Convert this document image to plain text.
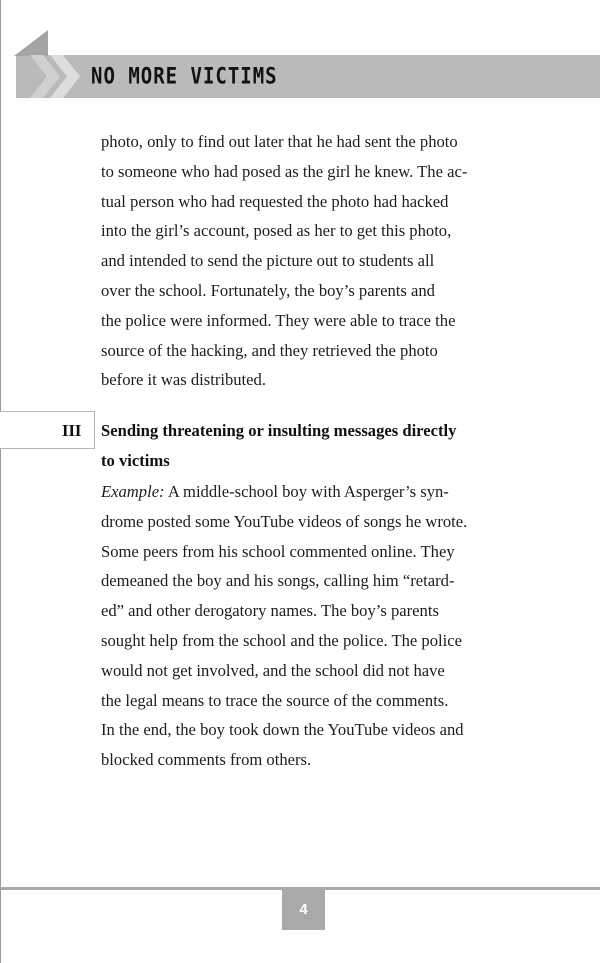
NO MORE VICTIMS
photo, only to find out later that he had sent the photo
to someone who had posed as the girl he knew. The ac-
tual person who had requested the photo had hacked
into the girl’s account, posed as her to get this photo,
and intended to send the picture out to students all
over the school. Fortunately, the boy’s parents and
the police were informed. They were able to trace the
source of the hacking, and they retrieved the photo
before it was distributed.
III Sending threatening or insulting messages directly
to victims
Example: A middle-school boy with Asperger’s syn-
drome posted some YouTube videos of songs he wrote.
Some peers from his school commented online. They
demeaned the boy and his songs, calling him “retard-
ed” and other derogatory names. The boy’s parents
sought help from the school and the police. The police
would not get involved, and the school did not have
the legal means to trace the source of the comments.
In the end, the boy took down the YouTube videos and
blocked comments from others.
4
